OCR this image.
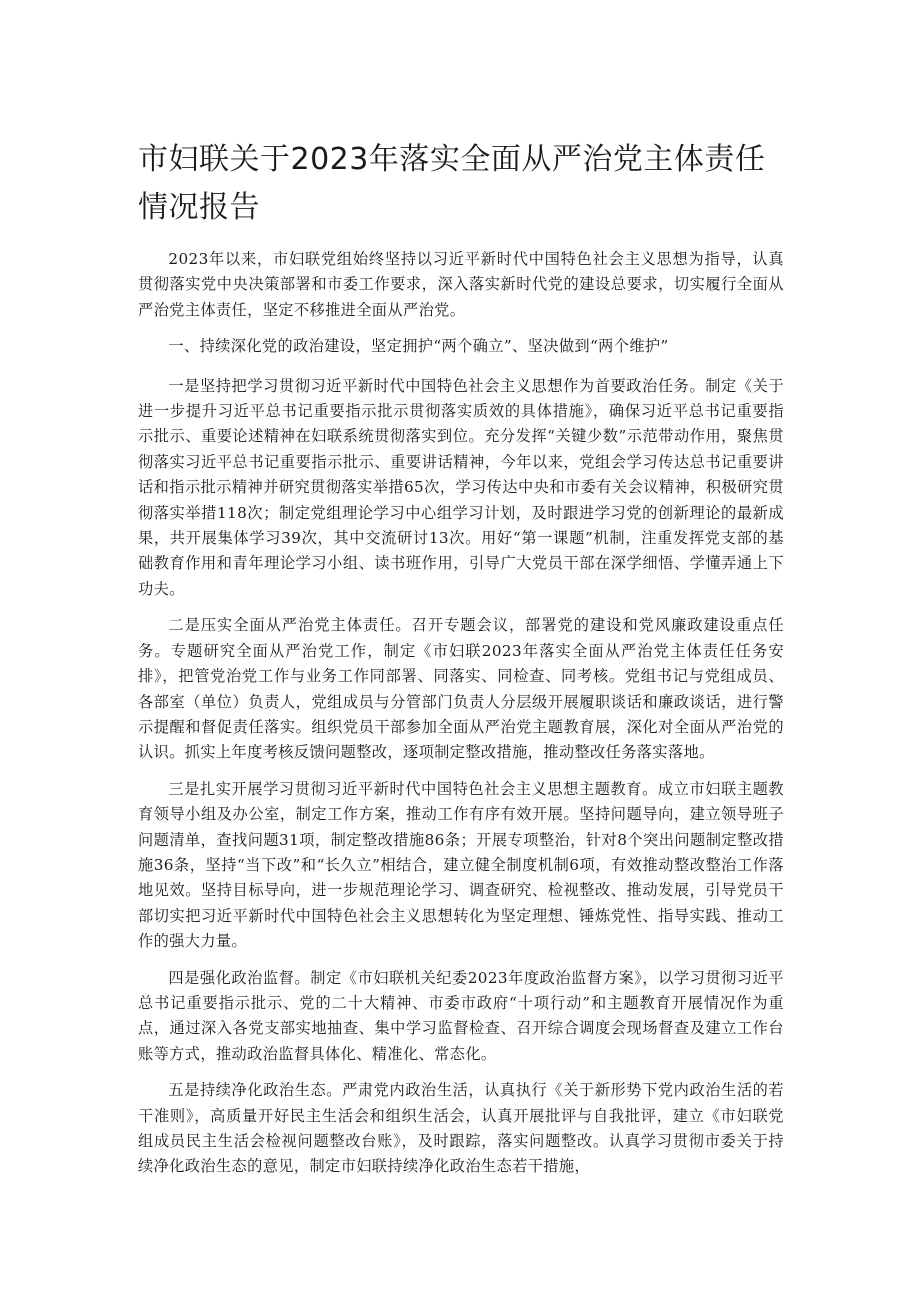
市妇联关于2023年落实全面从严治党主体责任情况报告

2023年以来，市妇联党组始终坚持以习近平新时代中国特色社会主义思想为指导，认真贯彻落实党中央决策部署和市委工作要求，深入落实新时代党的建设总要求，切实履行全面从严治党主体责任，坚定不移推进全面从严治党。

一、持续深化党的政治建设，坚定拥护“两个确立”、坚决做到“两个维护”

一是坚持把学习贯彻习近平新时代中国特色社会主义思想作为首要政治任务。制定《关于进一步提升习近平总书记重要指示批示贯彻落实质效的具体措施》，确保习近平总书记重要指示批示、重要论述精神在妇联系统贯彻落实到位。充分发挥“关键少数”示范带动作用，聚焦贯彻落实习近平总书记重要指示批示、重要讲话精神，今年以来，党组会学习传达总书记重要讲话和指示批示精神并研究贯彻落实举措65次，学习传达中央和市委有关会议精神，积极研究贯彻落实举措118次；制定党组理论学习中心组学习计划，及时跟进学习党的创新理论的最新成果，共开展集体学习39次，其中交流研讨13次。用好“第一课题”机制，注重发挥党支部的基础教育作用和青年理论学习小组、读书班作用，引导广大党员干部在深学细悟、学懂弄通上下功夫。

二是压实全面从严治党主体责任。召开专题会议，部署党的建设和党风廉政建设重点任务。专题研究全面从严治党工作，制定《市妇联2023年落实全面从严治党主体责任任务安排》，把管党治党工作与业务工作同部署、同落实、同检查、同考核。党组书记与党组成员、各部室（单位）负责人，党组成员与分管部门负责人分层级开展履职谈话和廉政谈话，进行警示提醒和督促责任落实。组织党员干部参加全面从严治党主题教育展，深化对全面从严治党的认识。抓实上年度考核反馈问题整改，逐项制定整改措施，推动整改任务落实落地。

三是扎实开展学习贯彻习近平新时代中国特色社会主义思想主题教育。成立市妇联主题教育领导小组及办公室，制定工作方案，推动工作有序有效开展。坚持问题导向，建立领导班子问题清单，查找问题31项，制定整改措施86条；开展专项整治，针对8个突出问题制定整改措施36条，坚持“当下改”和“长久立”相结合，建立健全制度机制6项，有效推动整改整治工作落地见效。坚持目标导向，进一步规范理论学习、调查研究、检视整改、推动发展，引导党员干部切实把习近平新时代中国特色社会主义思想转化为坚定理想、锤炼党性、指导实践、推动工作的强大力量。

四是强化政治监督。制定《市妇联机关纪委2023年度政治监督方案》，以学习贯彻习近平总书记重要指示批示、党的二十大精神、市委市政府“十项行动”和主题教育开展情况作为重点，通过深入各党支部实地抽查、集中学习监督检查、召开综合调度会现场督查及建立工作台账等方式，推动政治监督具体化、精准化、常态化。

五是持续净化政治生态。严肃党内政治生活，认真执行《关于新形势下党内政治生活的若干准则》，高质量开好民主生活会和组织生活会，认真开展批评与自我批评，建立《市妇联党组成员民主生活会检视问题整改台账》，及时跟踪，落实问题整改。认真学习贯彻市委关于持续净化政治生态的意见，制定市妇联持续净化政治生态若干措施，
